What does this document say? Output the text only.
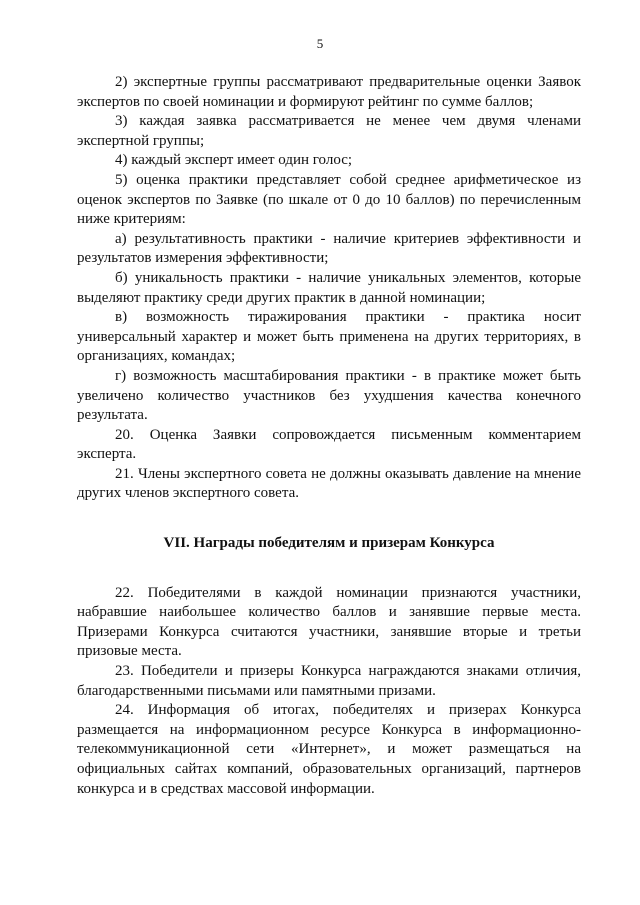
5

2) экспертные группы рассматривают предварительные оценки Заявок экспертов по своей номинации и формируют рейтинг по сумме баллов;

3) каждая заявка рассматривается не менее чем двумя членами экспертной группы;

4) каждый эксперт имеет один голос;

5) оценка практики представляет собой среднее арифметическое из оценок экспертов по Заявке (по шкале от 0 до 10 баллов) по перечисленным ниже критериям:

а) результативность практики - наличие критериев эффективности и результатов измерения эффективности;

б) уникальность практики - наличие уникальных элементов, которые выделяют практику среди других практик в данной номинации;

в) возможность тиражирования практики - практика носит универсальный характер и может быть применена на других территориях, в организациях, командах;

г) возможность масштабирования практики - в практике может быть увеличено количество участников без ухудшения качества конечного результата.

20. Оценка Заявки сопровождается письменным комментарием эксперта.

21. Члены экспертного совета не должны оказывать давление на мнение других членов экспертного совета.

VII. Награды победителям и призерам Конкурса

22. Победителями в каждой номинации признаются участники, набравшие наибольшее количество баллов и занявшие первые места. Призерами Конкурса считаются участники, занявшие вторые и третьи призовые места.

23. Победители и призеры Конкурса награждаются знаками отличия, благодарственными письмами или памятными призами.

24. Информация об итогах, победителях и призерах Конкурса размещается на информационном ресурсе Конкурса в информационно-телекоммуникационной сети «Интернет», и может размещаться на официальных сайтах компаний, образовательных организаций, партнеров конкурса и в средствах массовой информации.
